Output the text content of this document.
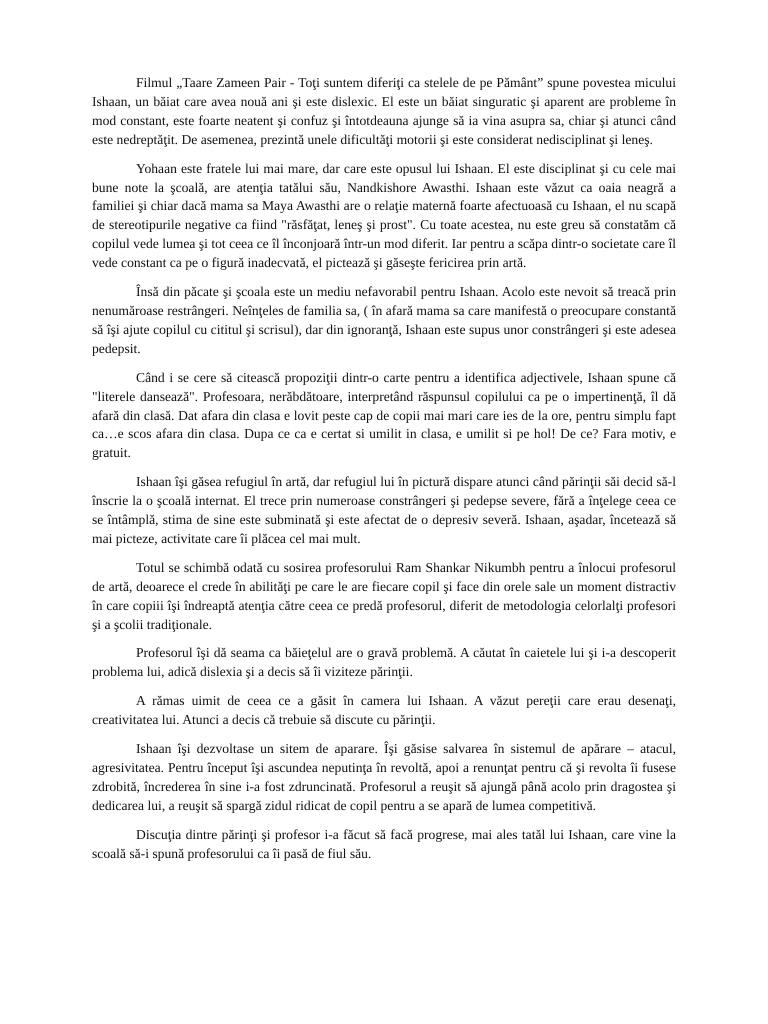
Filmul „Taare Zameen Pair - Toţi suntem diferiţi ca stelele de pe Pământ” spune povestea micului Ishaan, un băiat care avea nouă ani şi este dislexic. El este un băiat singuratic şi aparent are probleme în mod constant, este foarte neatent şi confuz şi întotdeauna ajunge să ia vina asupra sa, chiar şi atunci când este nedreptăţit. De asemenea, prezintă unele dificultăţi motorii şi este considerat nedisciplinat şi leneş.

Yohaan este fratele lui mai mare, dar care este opusul lui Ishaan. El este disciplinat şi cu cele mai bune note la şcoală, are atenţia tatălui său, Nandkishore Awasthi. Ishaan este văzut ca oaia neagră a familiei şi chiar dacă mama sa Maya Awasthi are o relaţie maternă foarte afectuoasă cu Ishaan, el nu scapă de stereotipurile negative ca fiind "răsfăţat, leneş şi prost". Cu toate acestea, nu este greu să constatăm că copilul vede lumea şi tot ceea ce îl înconjoară într-un mod diferit. Iar pentru a scăpa dintr-o societate care îl vede constant ca pe o figură inadecvată, el pictează şi găseşte fericirea prin artă.

Însă din păcate şi şcoala este un mediu nefavorabil pentru Ishaan. Acolo este nevoit să treacă prin nenumăroase restrângeri. Neînţeles de familia sa, ( în afară mama sa care manifestă o preocupare constantă să îşi ajute copilul cu cititul şi scrisul), dar din ignoranţă, Ishaan este supus unor constrângeri şi este adesea pedepsit.

Când i se cere să citească propoziţii dintr-o carte pentru a identifica adjectivele, Ishaan spune că "literele dansează". Profesoara, nerăbdătoare, interpretând răspunsul copilului ca pe o impertinenţă, îl dă afară din clasă. Dat afara din clasa e lovit peste cap de copii mai mari care ies de la ore, pentru simplu fapt ca…e scos afara din clasa. Dupa ce ca e certat si umilit in clasa, e umilit si pe hol! De ce? Fara motiv, e gratuit.

Ishaan îşi găsea refugiul în artă, dar refugiul lui în pictură dispare atunci când părinţii săi decid să-l înscrie la o şcoală internat. El trece prin numeroase constrângeri şi pedepse severe, fără a înţelege ceea ce se întâmplă, stima de sine este subminată şi este afectat de o depresiv severă. Ishaan, aşadar, încetează să mai picteze, activitate care îi plăcea cel mai mult.

Totul se schimbă odată cu sosirea profesorului Ram Shankar Nikumbh pentru a înlocui profesorul de artă, deoarece el crede în abilităţi pe care le are fiecare copil şi face din orele sale un moment distractiv în care copiii îşi îndreaptă atenţia către ceea ce predă profesorul, diferit de metodologia celorlalţi profesori şi a şcolii tradiţionale.

Profesorul îşi dă seama ca băieţelul are o gravă problemă. A căutat în caietele lui şi i-a descoperit problema lui, adică dislexia şi a decis să îi viziteze părinţii.

A rămas uimit de ceea ce a găsit în camera lui Ishaan. A văzut pereţii care erau desenaţi, creativitatea lui. Atunci a decis că trebuie să discute cu părinţii.

Ishaan îşi dezvoltase un sitem de aparare. Îşi găsise salvarea în sistemul de apărare – atacul, agresivitatea. Pentru început îşi ascundea neputinţa în revoltă, apoi a renunţat pentru că şi revolta îi fusese zdrobită, încrederea în sine i-a fost zdruncinată. Profesorul a reuşit să ajungă până acolo prin dragostea şi dedicarea lui, a reuşit să spargă zidul ridicat de copil pentru a se apară de lumea competitivă.

Discuţia dintre părinţi şi profesor i-a făcut să facă progrese, mai ales tatăl lui Ishaan, care vine la scoală să-i spună profesorului ca îi pasă de fiul său.
